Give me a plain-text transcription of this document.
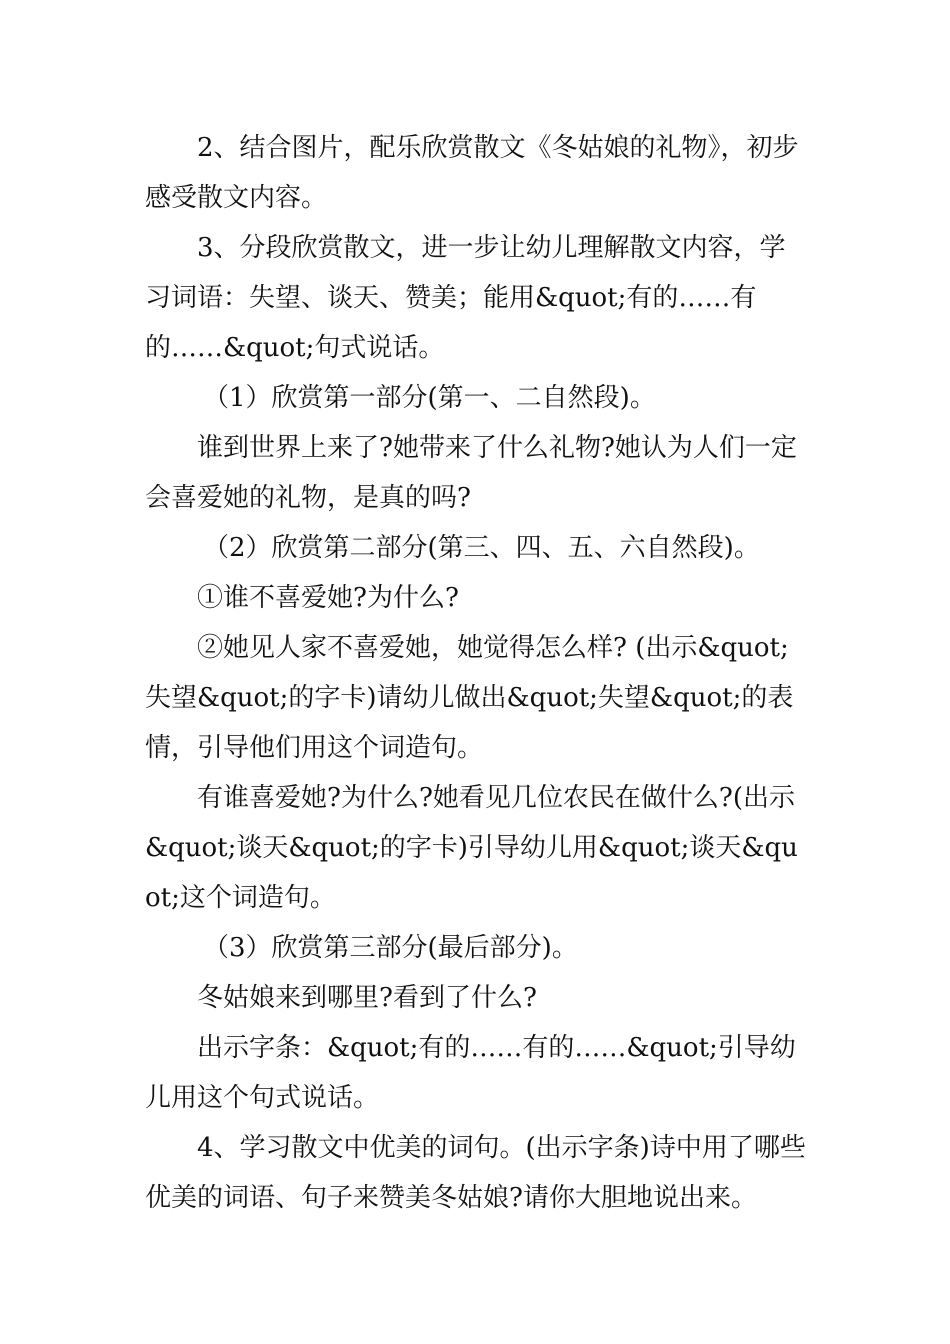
2、结合图片，配乐欣赏散文《冬姑娘的礼物》，初步感受散文内容。

3、分段欣赏散文，进一步让幼儿理解散文内容，学习词语：失望、谈天、赞美；能用&quot;有的……有的……&quot;句式说话。

（1）欣赏第一部分(第一、二自然段)。

谁到世界上来了?她带来了什么礼物?她认为人们一定会喜爱她的礼物，是真的吗?

（2）欣赏第二部分(第三、四、五、六自然段)。

①谁不喜爱她?为什么?

②她见人家不喜爱她，她觉得怎么样? (出示&quot;失望&quot;的字卡)请幼儿做出&quot;失望&quot;的表情，引导他们用这个词造句。

有谁喜爱她?为什么?她看见几位农民在做什么?(出示&quot;谈天&quot;的字卡)引导幼儿用&quot;谈天&quot;这个词造句。

（3）欣赏第三部分(最后部分)。

冬姑娘来到哪里?看到了什么?

出示字条：&quot;有的……有的……&quot;引导幼儿用这个句式说话。

4、学习散文中优美的词句。(出示字条)诗中用了哪些优美的词语、句子来赞美冬姑娘?请你大胆地说出来。
